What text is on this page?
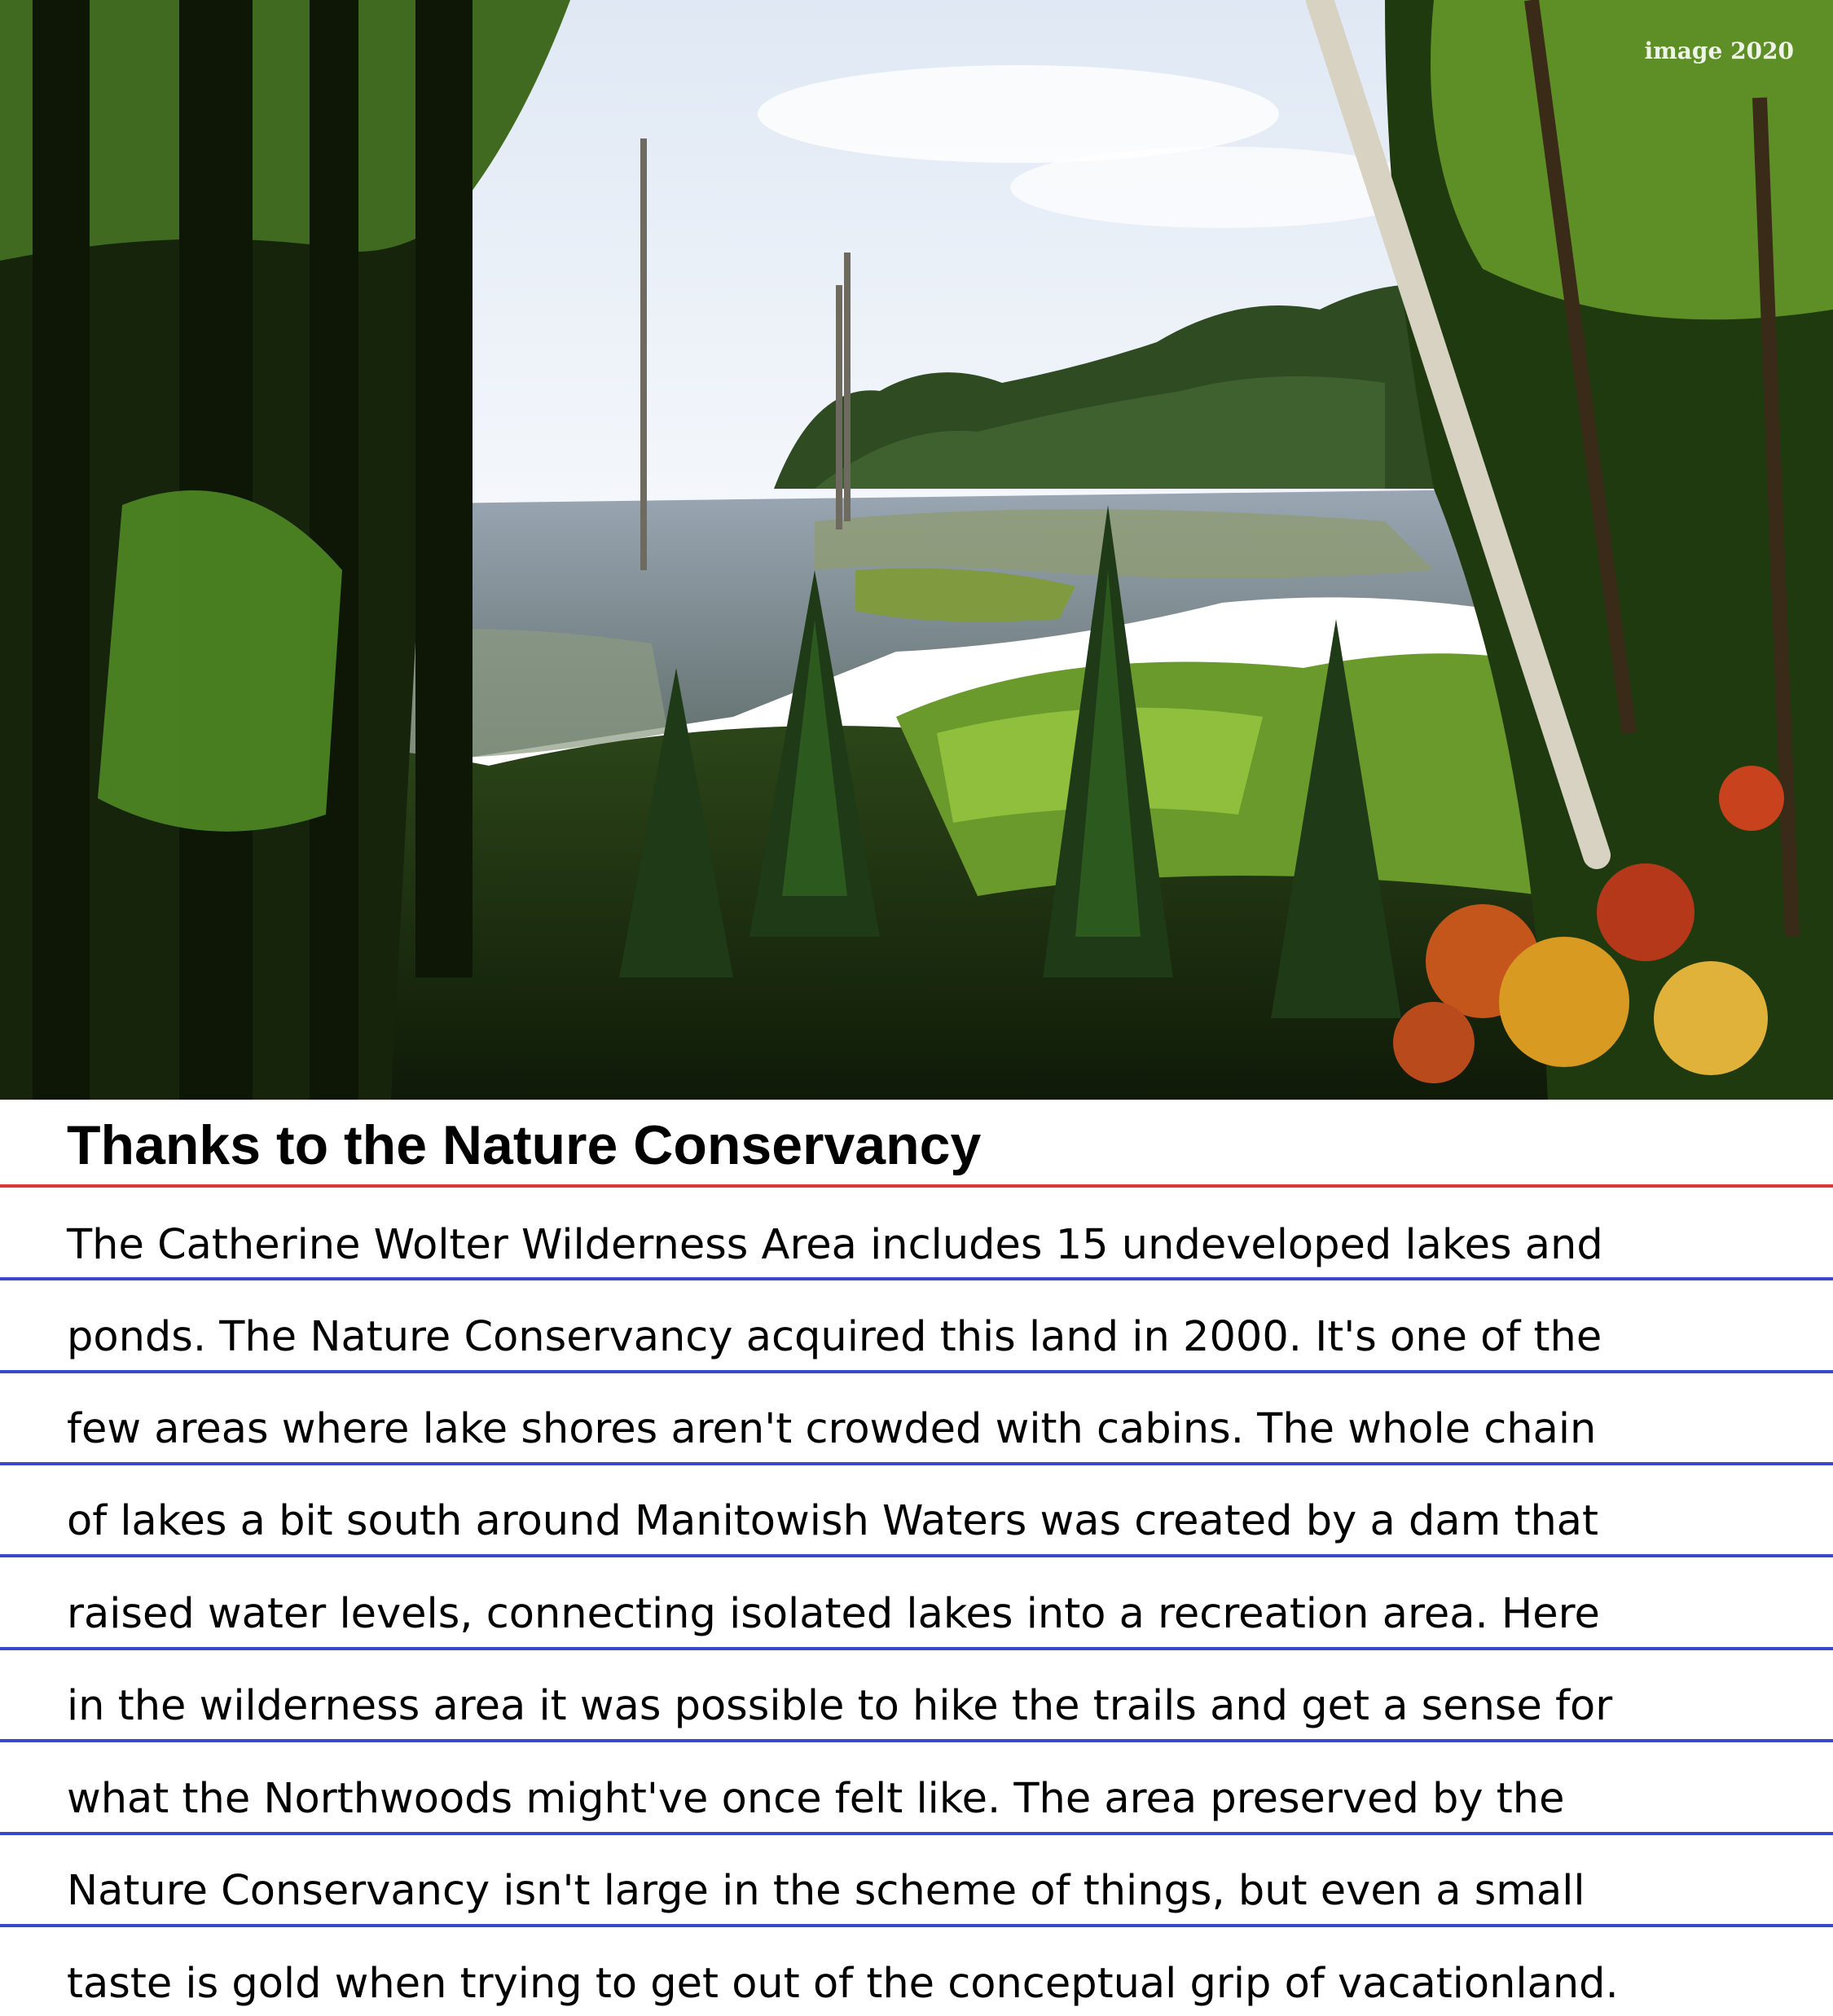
image 2020
Thanks to the Nature Conservancy
The Catherine Wolter Wilderness Area includes 15 undeveloped lakes and
ponds. The Nature Conservancy acquired this land in 2000. It's one of the
few areas where lake shores aren't crowded with cabins. The whole chain
of lakes a bit south around Manitowish Waters was created by a dam that
raised water levels, connecting isolated lakes into a recreation area. Here
in the wilderness area it was possible to hike the trails and get a sense for
what the Northwoods might've once felt like. The area preserved by the
Nature Conservancy isn't large in the scheme of things, but even a small
taste is gold when trying to get out of the conceptual grip of vacationland.
